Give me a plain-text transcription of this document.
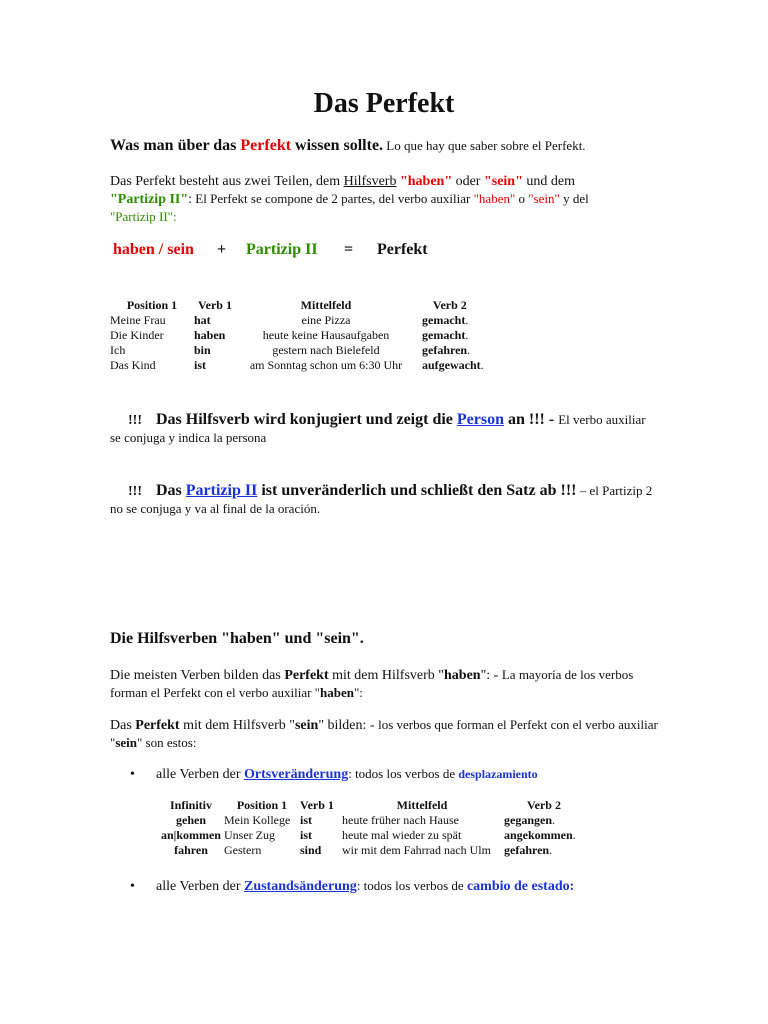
Das Perfekt
Was man über das Perfekt wissen sollte. Lo que hay que saber sobre el Perfekt.
Das Perfekt besteht aus zwei Teilen, dem Hilfsverb "haben" oder "sein" und dem
"Partizip II": El Perfekt se compone de 2 partes, del verbo auxiliar "haben" o "sein" y del
"Partizip II":
haben / sein + Partizip II = Perfekt
Position 1	Verb 1	Mittelfeld	Verb 2
Meine Frau	hat	eine Pizza	gemacht.
Die Kinder	haben	heute keine Hausaufgaben	gemacht.
Ich	bin	gestern nach Bielefeld	gefahren.
Das Kind	ist	am Sonntag schon um 6:30 Uhr	aufgewacht.
!!! Das Hilfsverb wird konjugiert und zeigt die Person an !!! - El verbo auxiliar se conjuga y indica la persona
!!! Das Partizip II ist unveränderlich und schließt den Satz ab !!! – el Partizip 2 no se conjuga y va al final de la oración.
Die Hilfsverben "haben" und "sein".
Die meisten Verben bilden das Perfekt mit dem Hilfsverb "haben": - La mayoría de los verbos forman el Perfekt con el verbo auxiliar "haben":
Das Perfekt mit dem Hilfsverb "sein" bilden: - los verbos que forman el Perfekt con el verbo auxiliar "sein" son estos:
• alle Verben der Ortsveränderung: todos los verbos de desplazamiento
Infinitiv	Position 1	Verb 1	Mittelfeld	Verb 2
gehen	Mein Kollege	ist	heute früher nach Hause	gegangen.
an|kommen	Unser Zug	ist	heute mal wieder zu spät	angekommen.
fahren	Gestern	sind	wir mit dem Fahrrad nach Ulm	gefahren.
• alle Verben der Zustandsänderung: todos los verbos de cambio de estado:
